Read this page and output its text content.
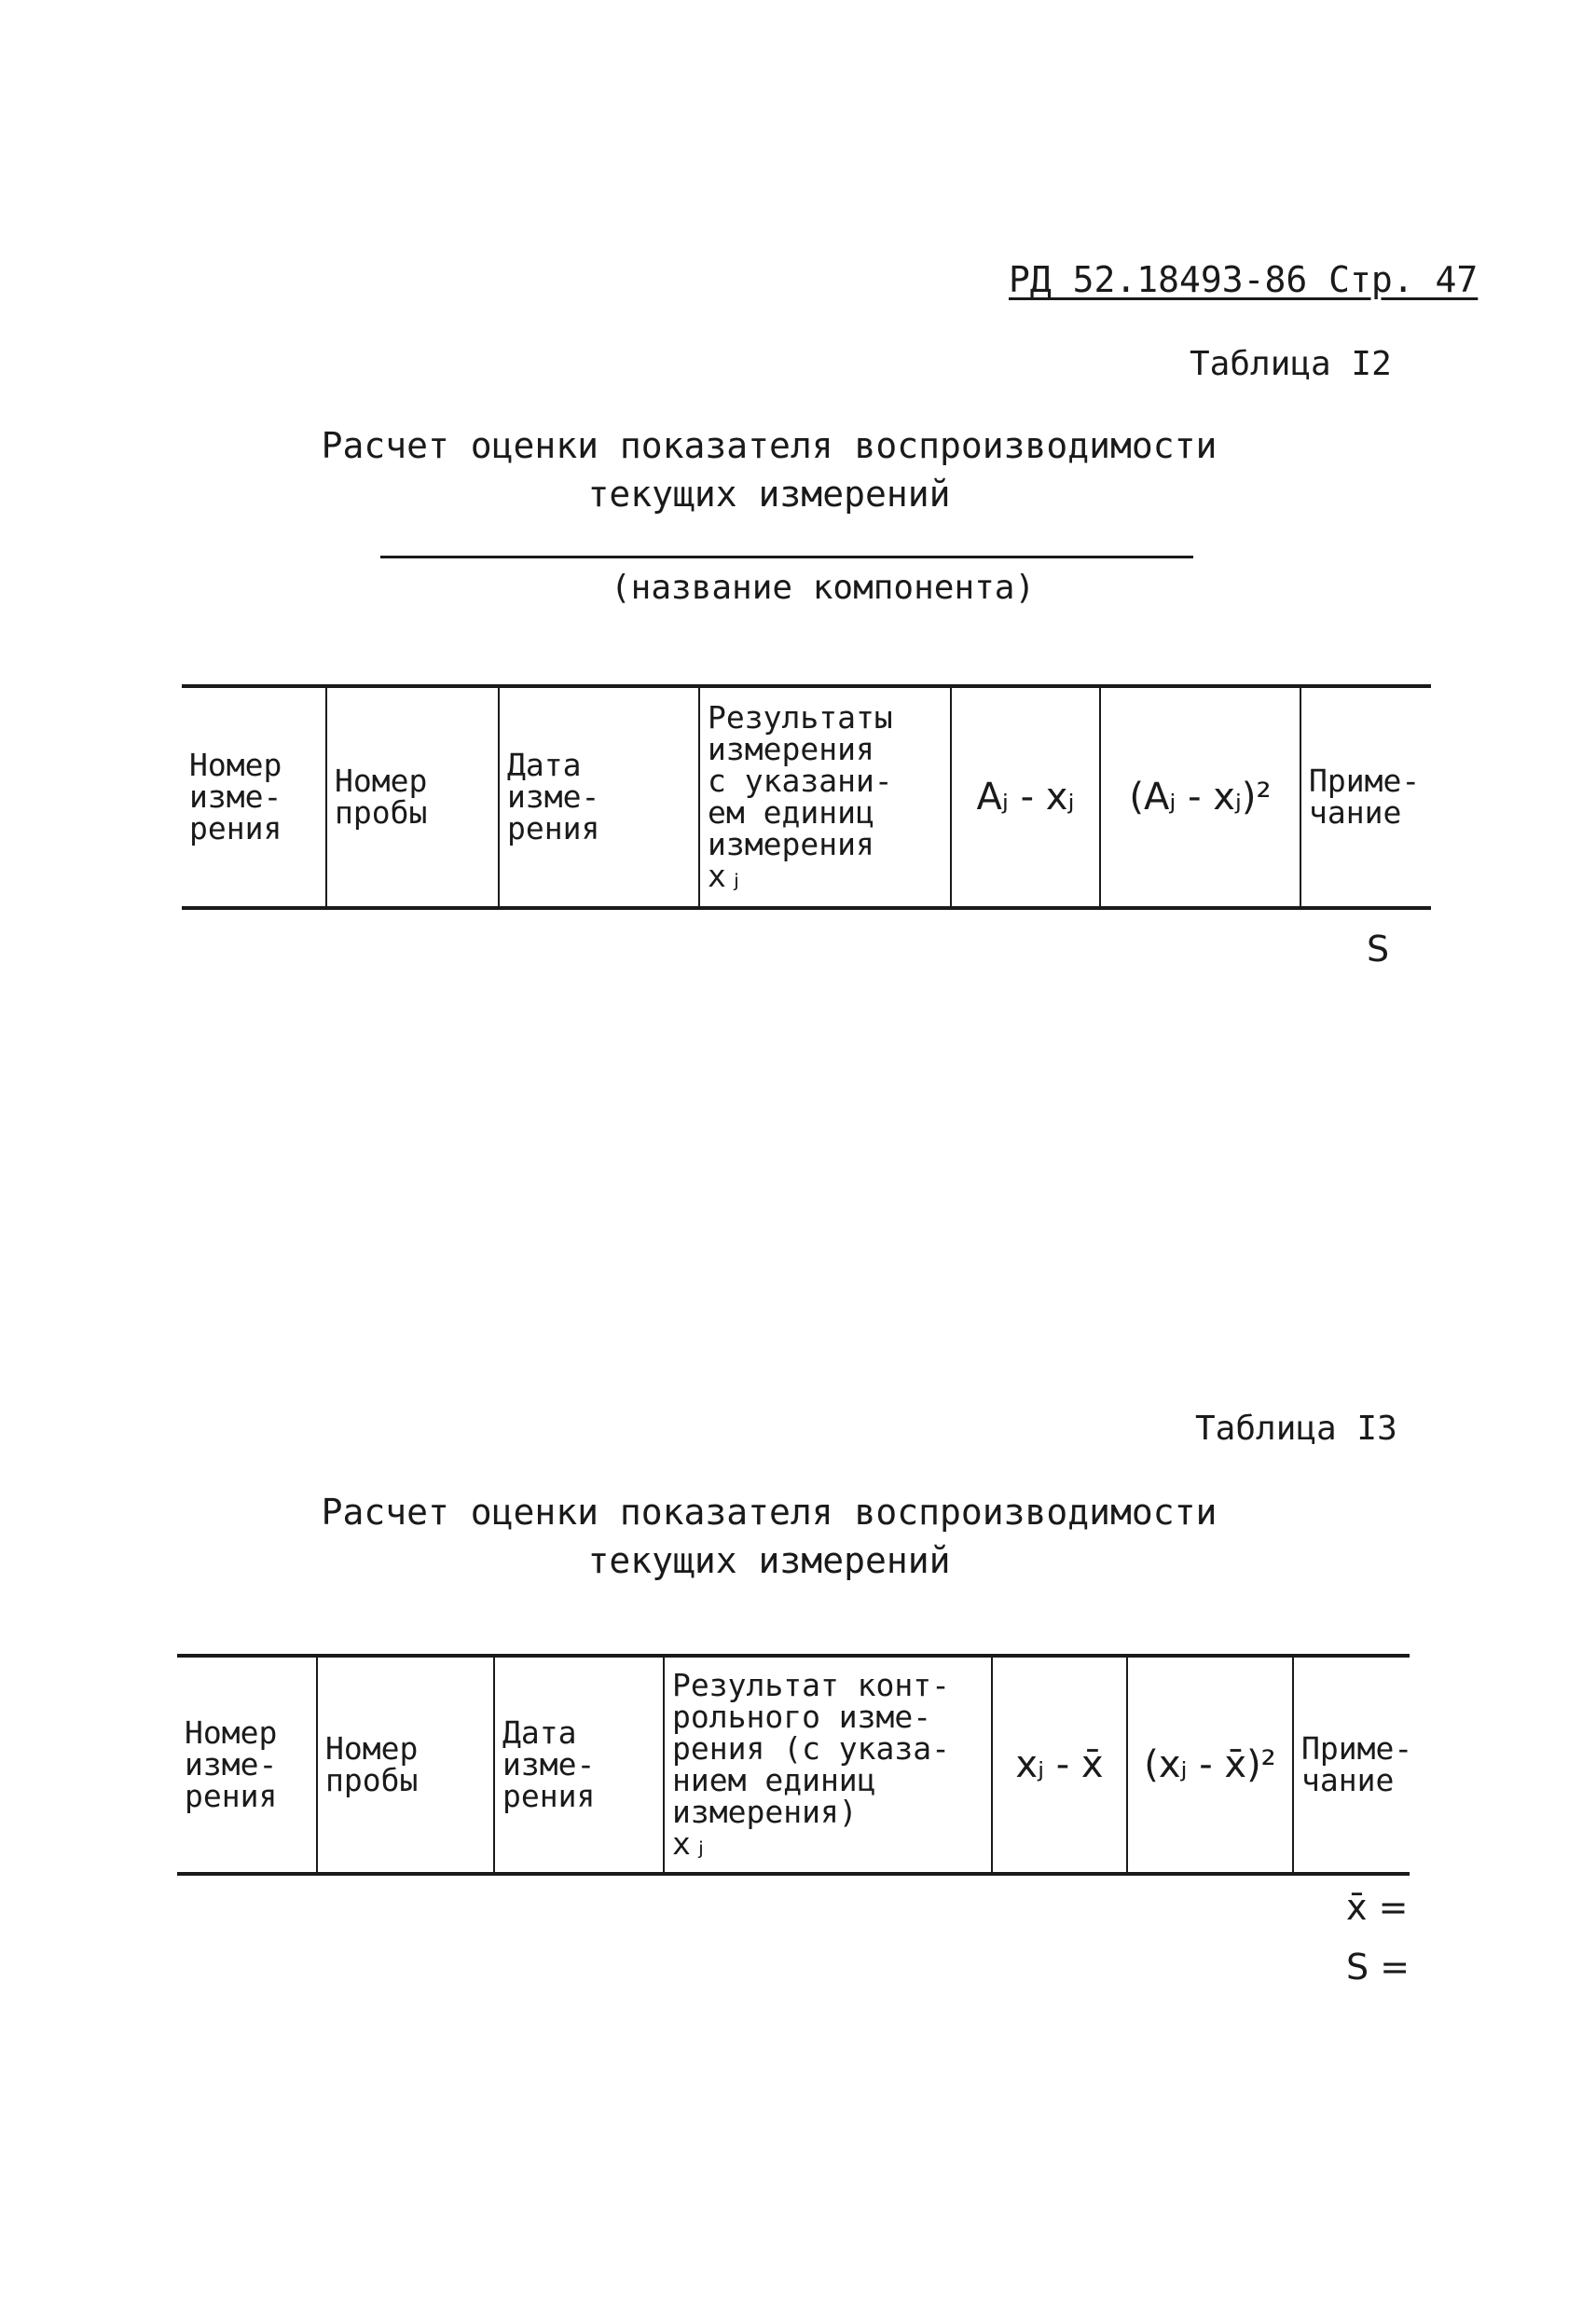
РД 52.18493-86 Стр. 47
Таблица I2
Расчет оценки показателя воспроизводимости
текущих измерений
(название компонента)
Номер
изме-
рения	Номер
пробы	Дата
изме-
рения	Результаты
измерения
с указани-
ем единиц
измерения
xⱼ	Aⱼ - xⱼ	(Aⱼ - xⱼ)²	Приме-
чание
S
Таблица I3
Расчет оценки показателя воспроизводимости
текущих измерений
Номер
изме-
рения	Номер
пробы	Дата
изме-
рения	Результат конт-
рольного изме-
рения (с указа-
нием единиц
измерения)
xⱼ	xⱼ - x̄	(xⱼ - x̄)²	Приме-
чание
x̄ =
S =
